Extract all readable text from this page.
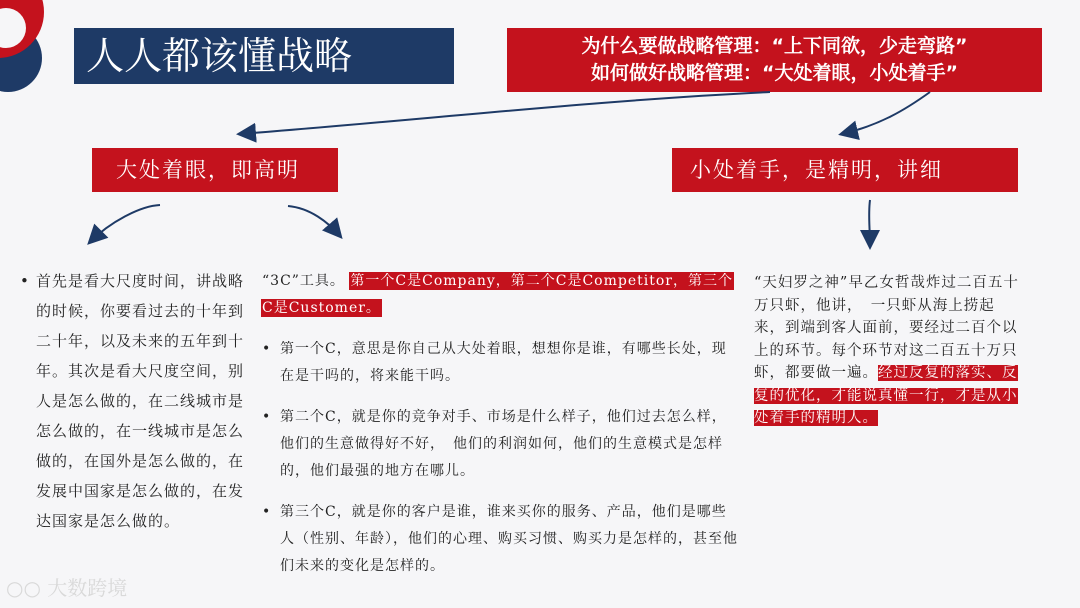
人人都该懂战略	为什么要做战略管理：“上下同欲，少走弯路”
如何做好战略管理：“大处着眼，小处着手”
大处着眼，即高明	小处着手，是精明，讲细
• 首先是看大尺度时间，讲战略的时候，你要看过去的十年到二十年，以及未来的五年到十年。其次是看大尺度空间，别人是怎么做的，在二线城市是怎么做的，在一线城市是怎么做的，在国外是怎么做的，在发展中国家是怎么做的，在发达国家是怎么做的。
“3C”工具。 第一个C是Company，第二个C是Competitor，第三个C是Customer。
• 第一个C，意思是你自己从大处着眼，想想你是谁，有哪些长处，现在是干吗的，将来能干吗。
• 第二个C，就是你的竞争对手、市场是什么样子，他们过去怎么样，他们的生意做得好不好，　他们的利润如何，他们的生意模式是怎样的，他们最强的地方在哪儿。
• 第三个C，就是你的客户是谁，谁来买你的服务、产品，他们是哪些人（性别、年龄），他们的心理、购买习惯、购买力是怎样的，甚至他们未来的变化是怎样的。
“天妇罗之神”早乙女哲哉炸过二百五十万只虾，他讲，　一只虾从海上捞起来，到端到客人面前，要经过二百个以上的环节。每个环节对这二百五十万只虾，都要做一遍。经过反复的落实、反复的优化，才能说真懂一行，才是从小处着手的精明人。
○○ 大数跨境
